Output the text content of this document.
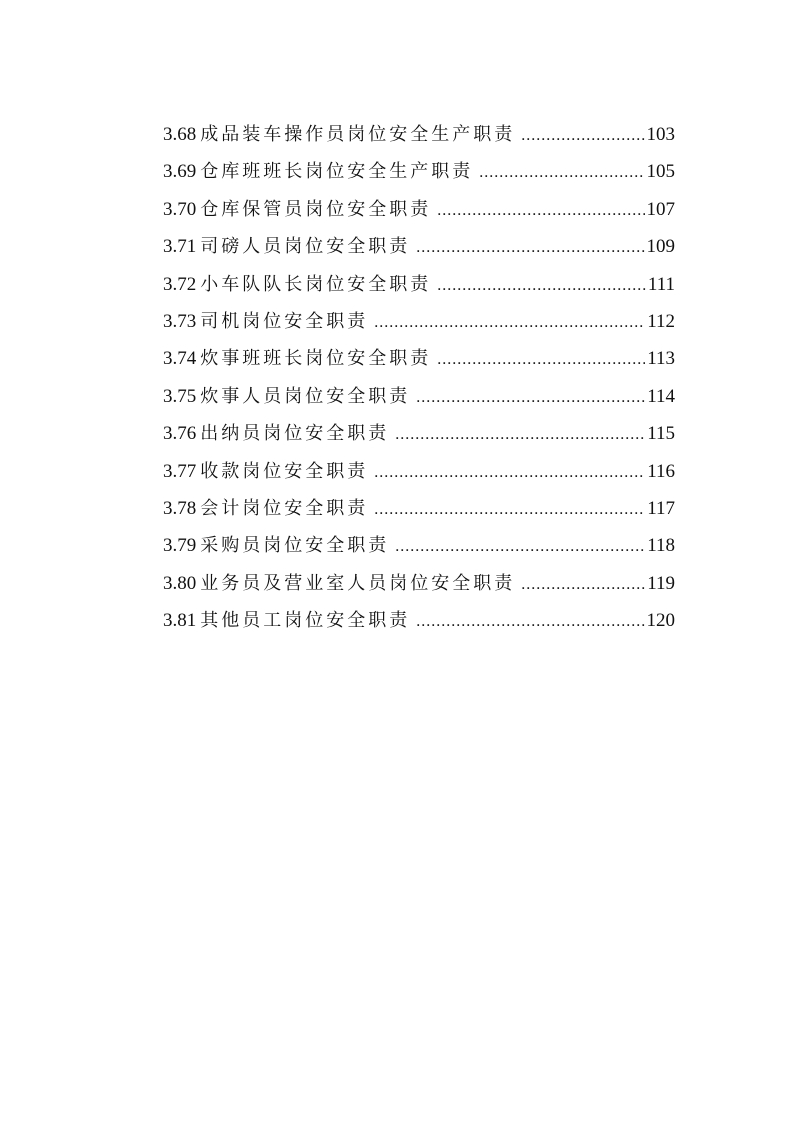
3.68 成品装车操作员岗位安全生产职责 .....	103
3.69 仓库班班长岗位安全生产职责 .....	105
3.70 仓库保管员岗位安全职责 .....	107
3.71 司磅人员岗位安全职责 .....	109
3.72 小车队队长岗位安全职责 .....	111
3.73 司机岗位安全职责 .....	112
3.74 炊事班班长岗位安全职责 .....	113
3.75 炊事人员岗位安全职责 .....	114
3.76 出纳员岗位安全职责 .....	115
3.77 收款岗位安全职责 .....	116
3.78 会计岗位安全职责 .....	117
3.79 采购员岗位安全职责 .....	118
3.80 业务员及营业室人员岗位安全职责 .....	119
3.81 其他员工岗位安全职责 .....	120
